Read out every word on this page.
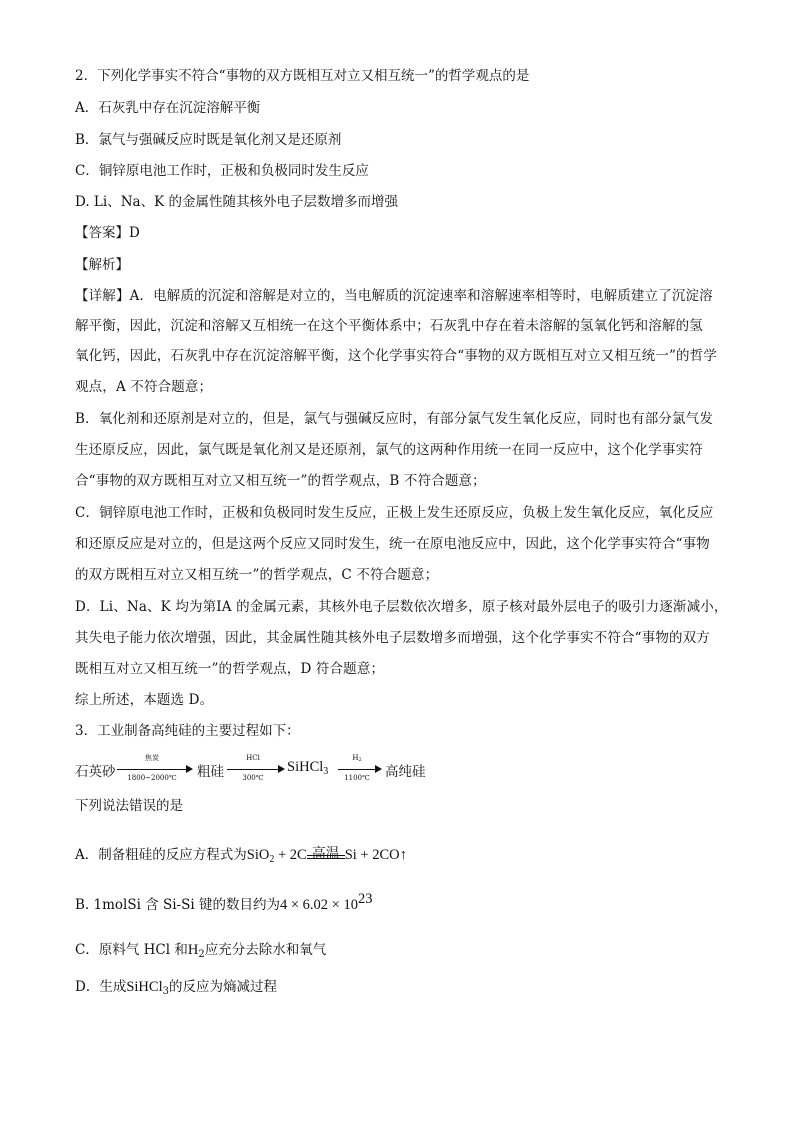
2．下列化学事实不符合“事物的双方既相互对立又相互统一”的哲学观点的是
A．石灰乳中存在沉淀溶解平衡
B．氯气与强碱反应时既是氧化剂又是还原剂
C．铜锌原电池工作时，正极和负极同时发生反应
D. Li、Na、K 的金属性随其核外电子层数增多而增强
【答案】D
【解析】
【详解】A．电解质的沉淀和溶解是对立的，当电解质的沉淀速率和溶解速率相等时，电解质建立了沉淀溶
解平衡，因此，沉淀和溶解又互相统一在这个平衡体系中；石灰乳中存在着未溶解的氢氧化钙和溶解的氢
氧化钙，因此，石灰乳中存在沉淀溶解平衡，这个化学事实符合“事物的双方既相互对立又相互统一”的哲学
观点，A 不符合题意；
B．氧化剂和还原剂是对立的，但是，氯气与强碱反应时，有部分氯气发生氧化反应，同时也有部分氯气发
生还原反应，因此，氯气既是氧化剂又是还原剂，氯气的这两种作用统一在同一反应中，这个化学事实符
合“事物的双方既相互对立又相互统一”的哲学观点，B 不符合题意；
C．铜锌原电池工作时，正极和负极同时发生反应，正极上发生还原反应，负极上发生氧化反应，氧化反应
和还原反应是对立的，但是这两个反应又同时发生，统一在原电池反应中，因此，这个化学事实符合“事物
的双方既相互对立又相互统一”的哲学观点，C 不符合题意；
D．Li、Na、K 均为第ⅠA 的金属元素，其核外电子层数依次增多，原子核对最外层电子的吸引力逐渐减小，
其失电子能力依次增强，因此，其金属性随其核外电子层数增多而增强，这个化学事实不符合“事物的双方
既相互对立又相互统一”的哲学观点，D 符合题意；
综上所述，本题选 D。
3．工业制备高纯硅的主要过程如下：
石英砂
焦炭
1800~2000℃	粗硅
HCl
300℃
SiHCl$_3$
$H_2$
1100℃	高纯硅
下列说法错误的是
A．制备粗硅的反应方程式为SiO$_2$ + 2C 高温 Si + 2CO↑
B. 1molSi 含 Si-Si 键的数目约为$4 \times 6.02 \times 10^{23}$
C．原料气 HCl 和$H_2$应充分去除水和氧气
D．生成SiHCl$_3$的反应为熵减过程
